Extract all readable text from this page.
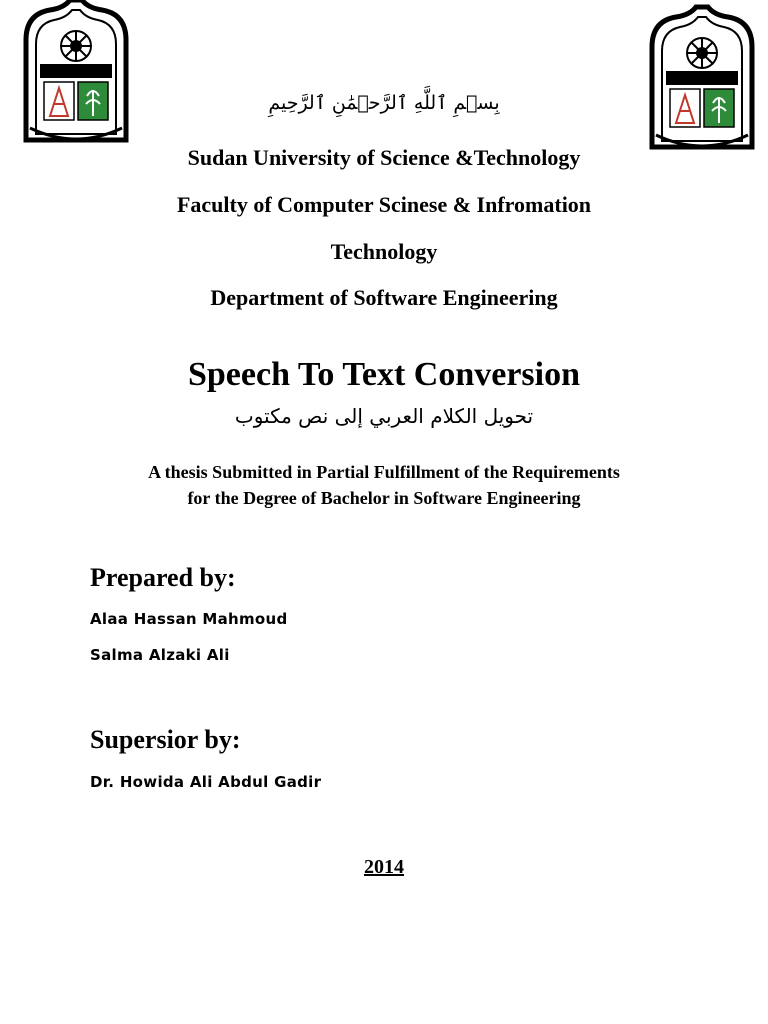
بِسۡمِ ٱللَّهِ ٱلرَّحۡمَٰنِ ٱلرَّحِيمِ
Sudan University of Science &Technology
Faculty of Computer Scinese & Infromation
Technology
Department of Software Engineering
Speech To Text Conversion
تحويل الكلام العربي إلى نص مكتوب
A thesis Submitted in Partial Fulfillment of the Requirements
for the Degree of Bachelor in Software Engineering
Prepared by:
Alaa Hassan Mahmoud
Salma Alzaki Ali
Supersior by:
Dr. Howida Ali Abdul Gadir
2014
